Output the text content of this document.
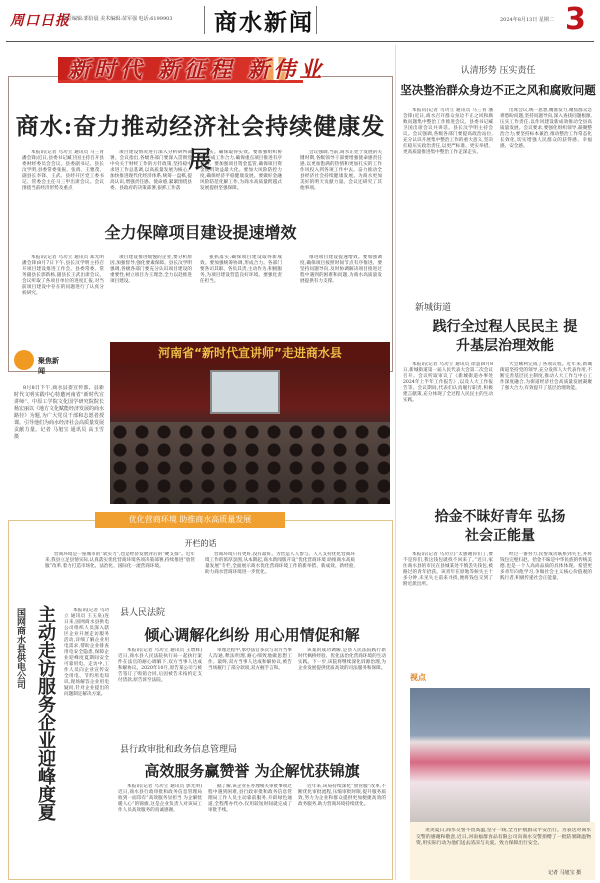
周口日报
责任编辑:郭恰晨 美术编辑:苗军强 电话:6199903 商水新闻	2024年8月13日 星期二 3
新时代 新征程 新伟业
商水:奋力推动经济社会持续健康发展
本报讯(记者 乌功立 通讯员 马三青 潘会锋)近日,县委书记臧卫国主持召开县委财经委员会会议。县委副书记、县长汶学明,县委常委张振、张禹、王雅茂、副县长李锋、王武、县经开区党工委书记、管委会主任马三甲出席会议。会议围绕当前经济形势及重点
项目建设情况进行深入分析研判部署。会议指出,各级各部门要深入贯彻党中央关于财经工作的方针政策,坚持稳中求进工作总基调,以高质量发展为核心。加快推进现代化经济体系,统筹一盘棋,提高认识,增强责任感、使命感,紧紧围绕县委、县政府的决策部署,狠抓工作落
实。确保取得实效。要加强组织协调,形成工作合力,确保重点项目推进有序有效。要加强项目资金监管,确保项目资金使用效益最大化。要加大风险防控力度,确保经济平稳健康发展。要做好金融风险防范化解工作,为商水高质量跨越式发展提供坚强保障。
会议强调,当前,商水正处于发展的关键时期,各级领导干部要增强使命感责任感,以更加饱满的热情和更加扎实的工作作风投入到各项工作中去。奋力推动全县经济社会持续健康发展。为商水更加美好的明天贡献力量。会议还研究了其他事项。
全力保障项目建设提速增效
本报讯(记者 乌功立 通讯员 郑光明 潘会锋)8月7日下午,县长汶学明主持召开项目建设推进工作会。县委常委、常务副县长郭新杨,副县长王武出席会议。会议听取了各项目单位的进度汇报,对当前项目建设中存在的问题进行了认真分析研究。
项目建设推进缓慢的企业,要分析原因,加强督导,强化要素保障。县长汶学明强调,各级各部门要充分认识项目建设的重要性,树立项目为王理念,全力以赴推进项目建设。
狠抓落实,确保项目建设取得新成效。要加强统筹协调,形成合力。各部门要各司其职、各负其责,主动作为,积极服务,为项目建设营造良好环境。要强化责任担当。
推进项目建设提速增效。要加强调度,确保项目按照时间节点有序推进。要坚持问题导向,及时协调解决项目推进过程中遇到的困难和问题,为商水高质量发展提供有力支撑。
聚焦新闻
8月8日下午,商水县委宣传部、县新时代文明实践中心特邀河南省“新时代宣讲师”、中原工学院文化国学研究院院长杨宏丽以《地方文化赋能经济发展的商水路径》为题,为广大党员干部和志愿者授课。引导他们为商水经济社会高质量发展贡献力量。记者 马旭宝 通讯员 高玉雪 摄
河南省“新时代宣讲师”走进商水县
优化营商环境 助推商水高质量发展
开栏的话
营商环境是一座城市的“软实力”,也是经济发展背后的“硬支撑”。近年来,我县立足县情实际,认真落实优化营商环境各项决策部署,持续推进“放管服”改革,着力打造市场化、法治化、国际化一流营商环境。
营商环境只有更好,没有最好。为营造人人参与、人人支持优化营商环境工作的浓厚氛围,从本期起,商水新闻版开设“优化营商环境 助推商水高质量发展”专栏,全面展示商水优化营商环境工作的新举措、新成效、新经验,助力商水营商环境进一步优化。
国网商水县供电公司 主动走访服务企业迎峰度夏	本报讯(记者 乌功立 通讯员 王玉泉)连日来,国网商水县供电公司组织人员深入辖区企业开展走访服务活动,详细了解企业用电需求,帮助企业排查用电安全隐患,保障企业迎峰度夏期间安全可靠用电。走访中,工作人员向企业宣传安全用电、节约用电知识,现场解答企业用电疑问,针对企业提出的问题制定解决方案。
县人民法院
倾心调解化纠纷 用心用情促和解
本报讯(记者 乌功立 通讯员 王增辉)近日,商水县人民法院执行局一起执行案件在法官的耐心调解下,双方当事人达成和解协议。2020年10月,原告某公司与被告签订了购销合同,后因被告未按约定支付货款,原告诉至法院。
审理过程中,承办法官多次与双方当事人沟通,释法明理,耐心细致地做思想工作。最终,双方当事人达成和解协议,被告当场履行了部分款项,双方握手言和。
该案的成功调解,是县人民法院践行新时代枫桥经验、优化法治化营商环境的生动实践。下一步,该院将继续深化诉源治理,为企业发展提供优质高效的司法服务和保障。
县行政审批和政务信息管理局
高效服务赢赞誉 为企解忧获锦旗
本报讯(记者 乌功立 通讯员 郭光明)近日,商水县行政审批和政务信息管理局收到一面印有“高效服务显担当 为企解忧暖人心”的锦旗,这是企业负责人对该局工作人员高效服务的真诚感谢。
据了解,该企业在办理相关审批事项过程中遇到困难,县行政审批和政务信息管理局工作人员主动靠前服务,开辟绿色通道,全程帮办代办,仅用较短时间就完成了审批手续。
近年来,该局持续深化“放管服”改革,不断优化审批流程,压缩审批时限,提升服务质效,努力为企业和群众提供更加便捷高效的政务服务,助力营商环境持续优化。
认清形势 压实责任
坚决整治群众身边不正之风和腐败问题
本报讯(记者 乌功立 通讯员 马三青 潘会锋)近日,商水召开群众身边不正之风和腐败问题集中整治工作推进会议。县委书记臧卫国出席会议并讲话。县长汶学明主持会议。会议强调,各级各部门要提高政治站位,充分认识开展集中整治工作的重大意义,坚决扛稳压实政治责任,以更严标准、更实举措、更高质量推进集中整治工作走深走实。
出席会议,统一思想,精准发力,聚焦群众急难愁盼问题,坚持问题导向,深入查找问题根源,压实工作责任,以作风建设新成效推动全县高质量发展。会议要求,要强化组织领导,凝聚整治合力;要坚持标本兼治,推动整治工作常态化长效化,切实增强人民群众的获得感、幸福感、安全感。
新城街道
践行全过程人民民主 提升基层治理效能
本报讯(记者 乌功立 通讯员 徐慧)8月8日,新城街道第一届人民代表大会第二次会议召开。会议听取审议了《新城街道办事处2024年上半年工作报告》,以及人大工作报告等。会议期间,代表们认真履行职责,积极建言献策,充分体现了全过程人民民主的生动实践。
大会顺利完成了各项议程。近年来,新城街道坚持党的领导,充分发挥人大代表作用,不断完善基层民主制度,推动人大工作与中心工作深度融合,为街道经济社会高质量发展凝聚了强大合力,有效提升了基层治理效能。
拾金不昧好青年 弘扬社会正能量
本报讯(记者 乌功立)“太感谢你们了,要不是你们,我这钱包就找不回来了。”近日,家住商水县的市民在县城某处不慎丢失钱包,被路过的青年拾获。该青年在原地等候失主十多分钟,未见失主前来寻找,便将钱包交到了附近派出所。
经过一番努力,民警成功联系到失主,并将钱包完璧归赵。拾金不昧是中华民族的传统美德,也是一个人高尚品质的具体体现。希望更多青年向他学习,争做社会主义核心价值观的践行者,积极传递社会正能量。
视点
炎炎夏日,商水交警不畏高温,坚守一线,全力护航群众平安出行。为表达对商水交警的感谢和敬意,近日,河南福群食品有限公司向商水交警捐赠了一批防暑降温物资,用实际行动为他们送去清凉与关爱。致力保障出行安全。
记者 马旭宝 摄
